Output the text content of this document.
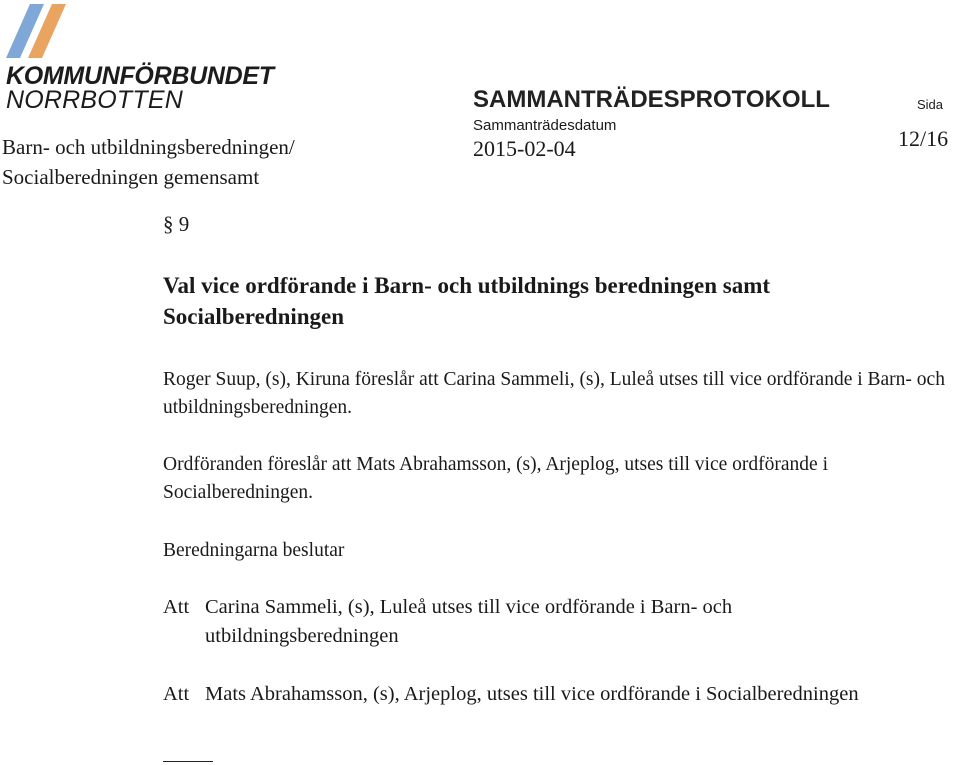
KOMMUNFÖRBUNDET
NORRBOTTEN
Barn- och utbildningsberedningen/
Socialberedningen gemensamt
SAMMANTRÄDESPROTOKOLL
Sammanträdesdatum
2015-02-04
Sida
12/16
§ 9
Val vice ordförande i Barn- och utbildnings beredningen samt Socialberedningen
Roger Suup, (s), Kiruna föreslår att Carina Sammeli, (s), Luleå utses till vice ordförande i Barn- och utbildningsberedningen.
Ordföranden föreslår att Mats Abrahamsson, (s), Arjeplog, utses till vice ordförande i Socialberedningen.
Beredningarna beslutar
Att Carina Sammeli, (s), Luleå utses till vice ordförande i Barn- och utbildningsberedningen
Att Mats Abrahamsson, (s), Arjeplog, utses till vice ordförande i Socialberedningen
